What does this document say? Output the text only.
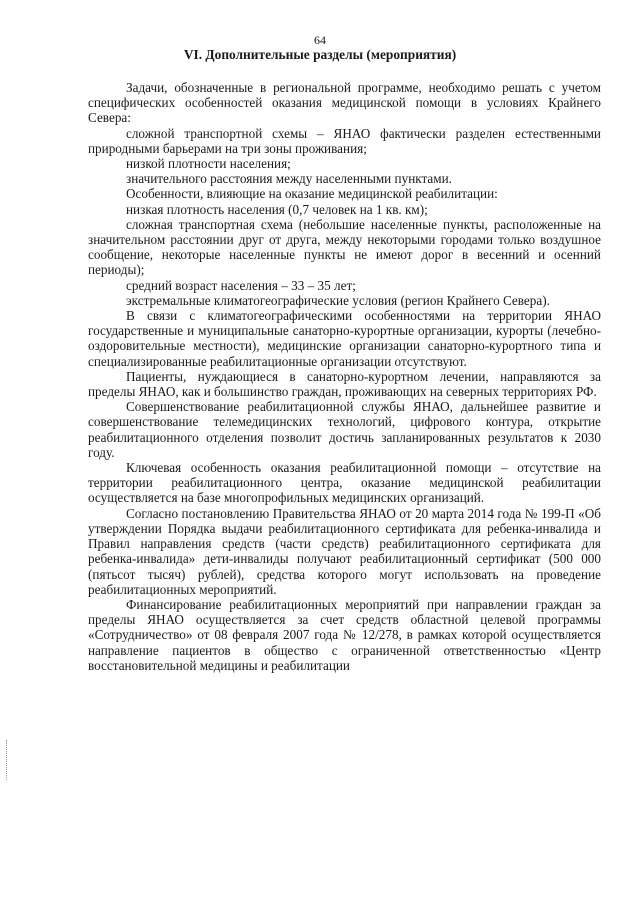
64
VI. Дополнительные разделы (мероприятия)

Задачи, обозначенные в региональной программе, необходимо решать с учетом специфических особенностей оказания медицинской помощи в условиях Крайнего Севера:

сложной транспортной схемы – ЯНАО фактически разделен естественными природными барьерами на три зоны проживания;

низкой плотности населения;

значительного расстояния между населенными пунктами.

Особенности, влияющие на оказание медицинской реабилитации:

низкая плотность населения (0,7 человек на 1 кв. км);

сложная транспортная схема (небольшие населенные пункты, расположенные на значительном расстоянии друг от друга, между некоторыми городами только воздушное сообщение, некоторые населенные пункты не имеют дорог в весенний и осенний периоды);

средний возраст населения – 33 – 35 лет;

экстремальные климатогеографические условия (регион Крайнего Севера).

В связи с климатогеографическими особенностями на территории ЯНАО государственные и муниципальные санаторно-курортные организации, курорты (лечебно-оздоровительные местности), медицинские организации санаторно-курортного типа и специализированные реабилитационные организации отсутствуют.

Пациенты, нуждающиеся в санаторно-курортном лечении, направляются за пределы ЯНАО, как и большинство граждан, проживающих на северных территориях РФ.

Совершенствование реабилитационной службы ЯНАО, дальнейшее развитие и совершенствование телемедицинских технологий, цифрового контура, открытие реабилитационного отделения позволит достичь запланированных результатов к 2030 году.

Ключевая особенность оказания реабилитационной помощи – отсутствие на территории реабилитационного центра, оказание медицинской реабилитации осуществляется на базе многопрофильных медицинских организаций.

Согласно постановлению Правительства ЯНАО от 20 марта 2014 года № 199-П «Об утверждении Порядка выдачи реабилитационного сертификата для ребенка-инвалида и Правил направления средств (части средств) реабилитационного сертификата для ребенка-инвалида» дети-инвалиды получают реабилитационный сертификат (500 000 (пятьсот тысяч) рублей), средства которого могут использовать на проведение реабилитационных мероприятий.

Финансирование реабилитационных мероприятий при направлении граждан за пределы ЯНАО осуществляется за счет средств областной целевой программы «Сотрудничество» от 08 февраля 2007 года № 12/278, в рамках которой осуществляется направление пациентов в общество с ограниченной ответственностью «Центр восстановительной медицины и реабилитации
